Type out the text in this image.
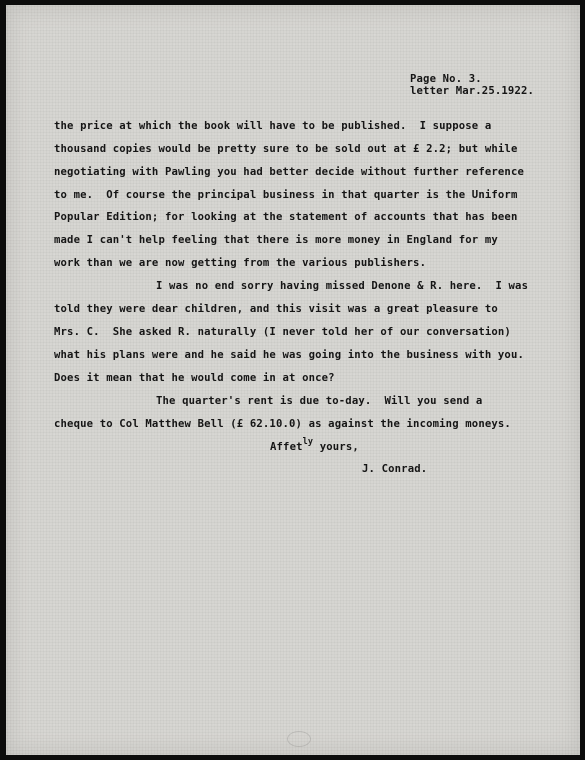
Page No. 3.

letter Mar.25.1922.

the price at which the book will have to be published.  I suppose a

thousand copies would be pretty sure to be sold out at £ 2.2; but while

negotiating with Pawling you had better decide without further reference

to me.  Of course the principal business in that quarter is the Uniform

Popular Edition; for looking at the statement of accounts that has been

made I can't help feeling that there is more money in England for my

work than we are now getting from the various publishers.

I was no end sorry having missed Denone & R. here.  I was

told they were dear children, and this visit was a great pleasure to

Mrs. C.  She asked R. naturally (I never told her of our conversation)

what his plans were and he said he was going into the business with you.

Does it mean that he would come in at once?

The quarter's rent is due to-day.  Will you send a

cheque to Col Matthew Bell (£ 62.10.0) as against the incoming moneys.

Affet$^{ly}$ yours,

J. Conrad.
